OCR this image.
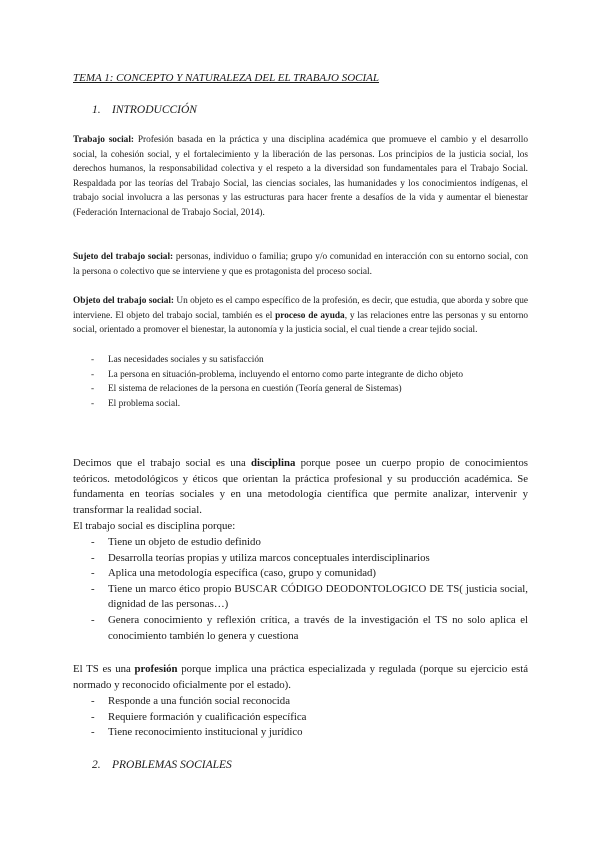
TEMA 1: CONCEPTO Y NATURALEZA DEL EL TRABAJO SOCIAL
1. INTRODUCCIÓN
Trabajo social: Profesión basada en la práctica y una disciplina académica que promueve el cambio y el desarrollo social, la cohesión social, y el fortalecimiento y la liberación de las personas. Los principios de la justicia social, los derechos humanos, la responsabilidad colectiva y el respeto a la diversidad son fundamentales para el Trabajo Social. Respaldada por las teorías del Trabajo Social, las ciencias sociales, las humanidades y los conocimientos indígenas, el trabajo social involucra a las personas y las estructuras para hacer frente a desafíos de la vida y aumentar el bienestar (Federación Internacional de Trabajo Social, 2014).
Sujeto del trabajo social: personas, individuo o familia; grupo y/o comunidad en interacción con su entorno social, con la persona o colectivo que se interviene y que es protagonista del proceso social.
Objeto del trabajo social: Un objeto es el campo específico de la profesión, es decir, que estudia, que aborda y sobre que interviene. El objeto del trabajo social, también es el proceso de ayuda, y las relaciones entre las personas y su entorno social, orientado a promover el bienestar, la autonomía y la justicia social, el cual tiende a crear tejido social.
- Las necesidades sociales y su satisfacción
- La persona en situación-problema, incluyendo el entorno como parte integrante de dicho objeto
- El sistema de relaciones de la persona en cuestión (Teoría general de Sistemas)
- El problema social.
Decimos que el trabajo social es una disciplina porque posee un cuerpo propio de conocimientos teóricos. metodológicos y éticos que orientan la práctica profesional y su producción académica. Se fundamenta en teorías sociales y en una metodología científica que permite analizar, intervenir y transformar la realidad social.
El trabajo social es disciplina porque:
- Tiene un objeto de estudio definido
- Desarrolla teorías propias y utiliza marcos conceptuales interdisciplinarios
- Aplica una metodología específica (caso, grupo y comunidad)
- Tiene un marco ético propio BUSCAR CÓDIGO DEODONTOLOGICO DE TS( justicia social, dignidad de las personas…)
- Genera conocimiento y reflexión crítica, a través de la investigación el TS no solo aplica el conocimiento también lo genera y cuestiona
El TS es una profesión porque implica una práctica especializada y regulada (porque su ejercicio está normado y reconocido oficialmente por el estado).
- Responde a una función social reconocida
- Requiere formación y cualificación específica
- Tiene reconocimiento institucional y jurídico
2. PROBLEMAS SOCIALES
